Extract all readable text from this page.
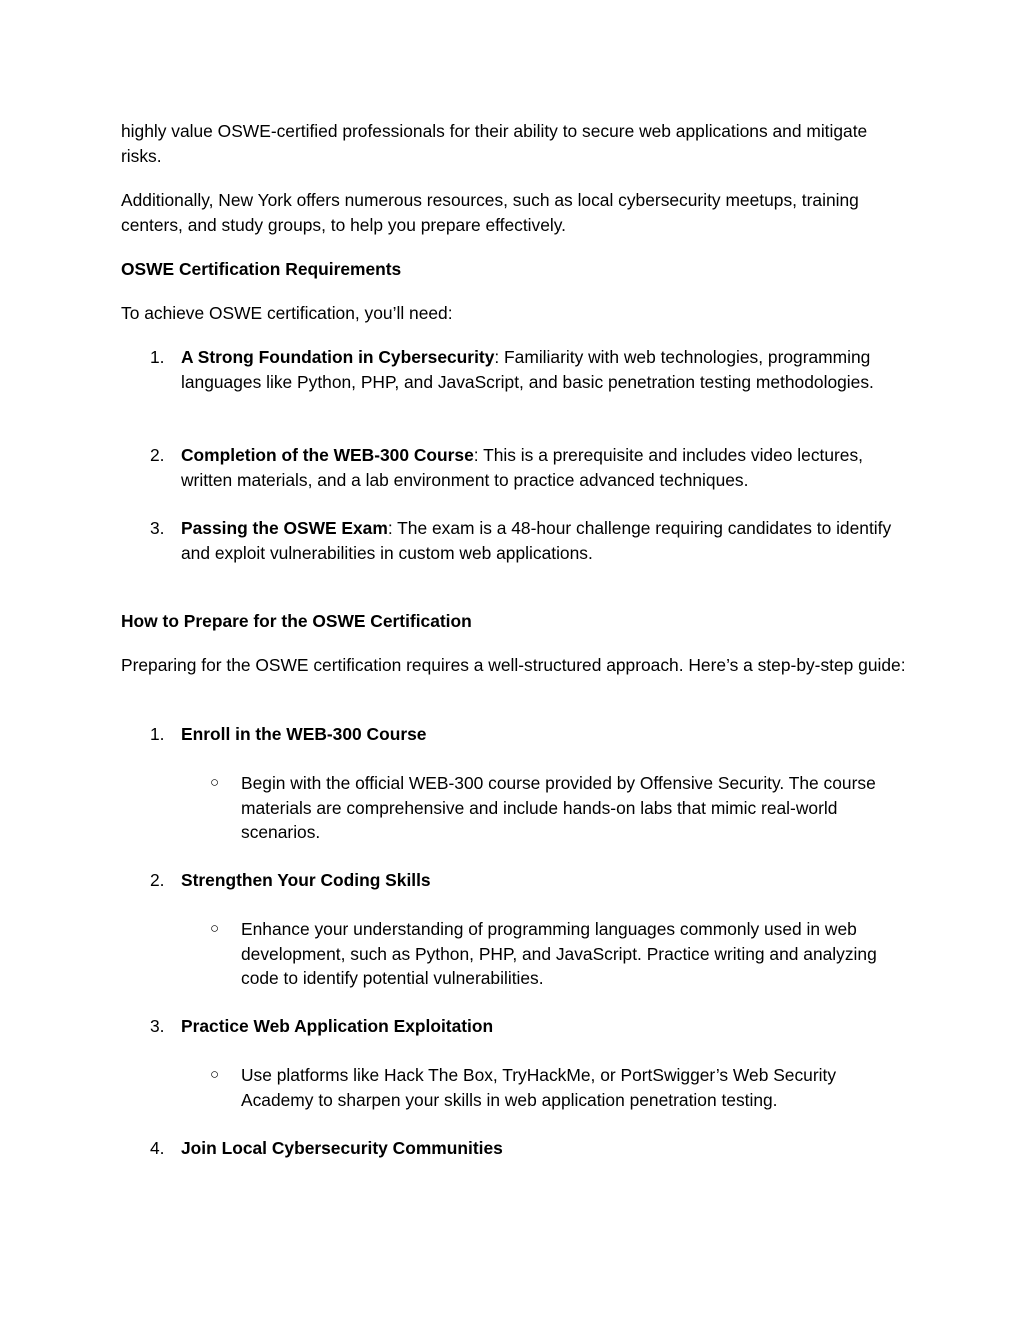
highly value OSWE-certified professionals for their ability to secure web applications and mitigate risks.

Additionally, New York offers numerous resources, such as local cybersecurity meetups, training centers, and study groups, to help you prepare effectively.

OSWE Certification Requirements

To achieve OSWE certification, you’ll need:

1. A Strong Foundation in Cybersecurity: Familiarity with web technologies, programming languages like Python, PHP, and JavaScript, and basic penetration testing methodologies.
2. Completion of the WEB-300 Course: This is a prerequisite and includes video lectures, written materials, and a lab environment to practice advanced techniques.
3. Passing the OSWE Exam: The exam is a 48-hour challenge requiring candidates to identify and exploit vulnerabilities in custom web applications.

How to Prepare for the OSWE Certification

Preparing for the OSWE certification requires a well-structured approach. Here’s a step-by-step guide:

1. Enroll in the WEB-300 Course
○	Begin with the official WEB-300 course provided by Offensive Security. The course materials are comprehensive and include hands-on labs that mimic real-world scenarios.
2. Strengthen Your Coding Skills
○	Enhance your understanding of programming languages commonly used in web development, such as Python, PHP, and JavaScript. Practice writing and analyzing code to identify potential vulnerabilities.
3. Practice Web Application Exploitation
○	Use platforms like Hack The Box, TryHackMe, or PortSwigger’s Web Security Academy to sharpen your skills in web application penetration testing.
4. Join Local Cybersecurity Communities
